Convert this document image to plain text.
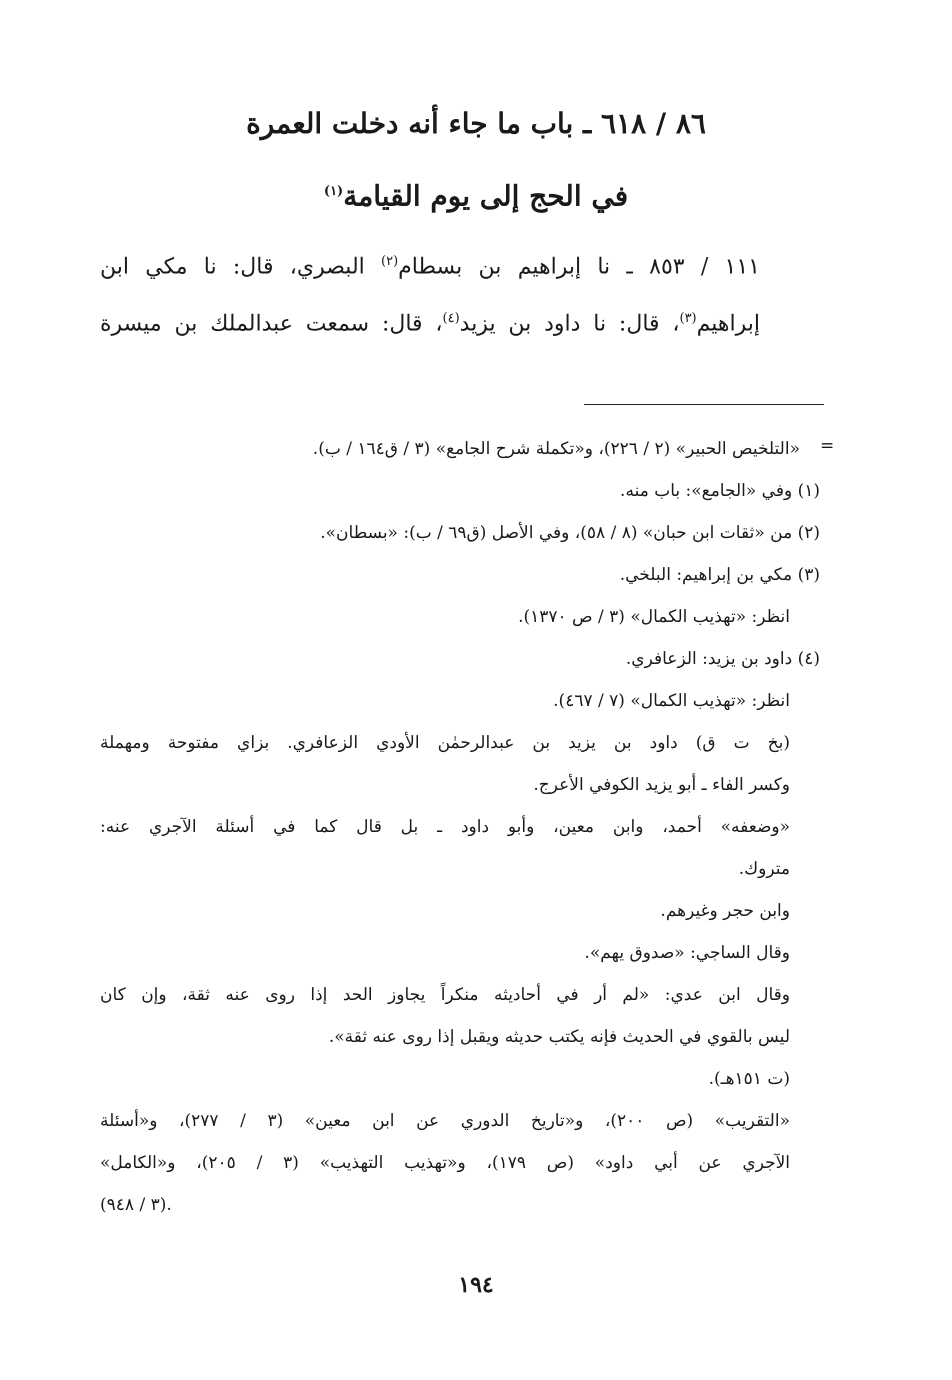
٨٦ / ٦١٨ ـ باب ما جاء أنه دخلت العمرة
في الحج إلى يوم القيامة$^{(١)}$
١١١ / ٨٥٣ ـ نا إبراهيم بن بسطام$^{(٢)}$ البصري، قال: نا مكي ابن
إبراهيم$^{(٣)}$، قال: نا داود بن يزيد$^{(٤)}$، قال: سمعت عبدالملك بن ميسرة
=
«التلخيص الحبير» (٢ / ٢٢٦)، و«تكملة شرح الجامع» (٣ / ق١٦٤ / ب).
(١) وفي «الجامع»: باب منه.
(٢) من «ثقات ابن حبان» (٨ / ٥٨)، وفي الأصل (ق٦٩ / ب): «بسطان».
(٣) مكي بن إبراهيم: البلخي.
انظر: «تهذيب الكمال» (٣ / ص ١٣٧٠).
(٤) داود بن يزيد: الزعافري.
انظر: «تهذيب الكمال» (٧ / ٤٦٧).
(بخ ت ق) داود بن يزيد بن عبدالرحمٰن الأودي الزعافري. بزاي مفتوحة ومهملة
وكسر الفاء ـ أبو يزيد الكوفي الأعرج.
«وضعفه» أحمد، وابن معين، وأبو داود ـ بل قال كما في أسئلة الآجري عنه:
متروك.
وابن حجر وغيرهم.
وقال الساجي: «صدوق يهم».
وقال ابن عدي: «لم أر في أحاديثه منكراً يجاوز الحد إذا روى عنه ثقة، وإن كان
ليس بالقوي في الحديث فإنه يكتب حديثه ويقبل إذا روى عنه ثقة».
(ت ١٥١هـ).
«التقريب» (ص ٢٠٠)، و«تاريخ الدوري عن ابن معين» (٣ / ٢٧٧)، و«أسئلة
الآجري عن أبي داود» (ص ١٧٩)، و«تهذيب التهذيب» (٣ / ٢٠٥)، و«الكامل»
(٣ / ٩٤٨).
١٩٤
